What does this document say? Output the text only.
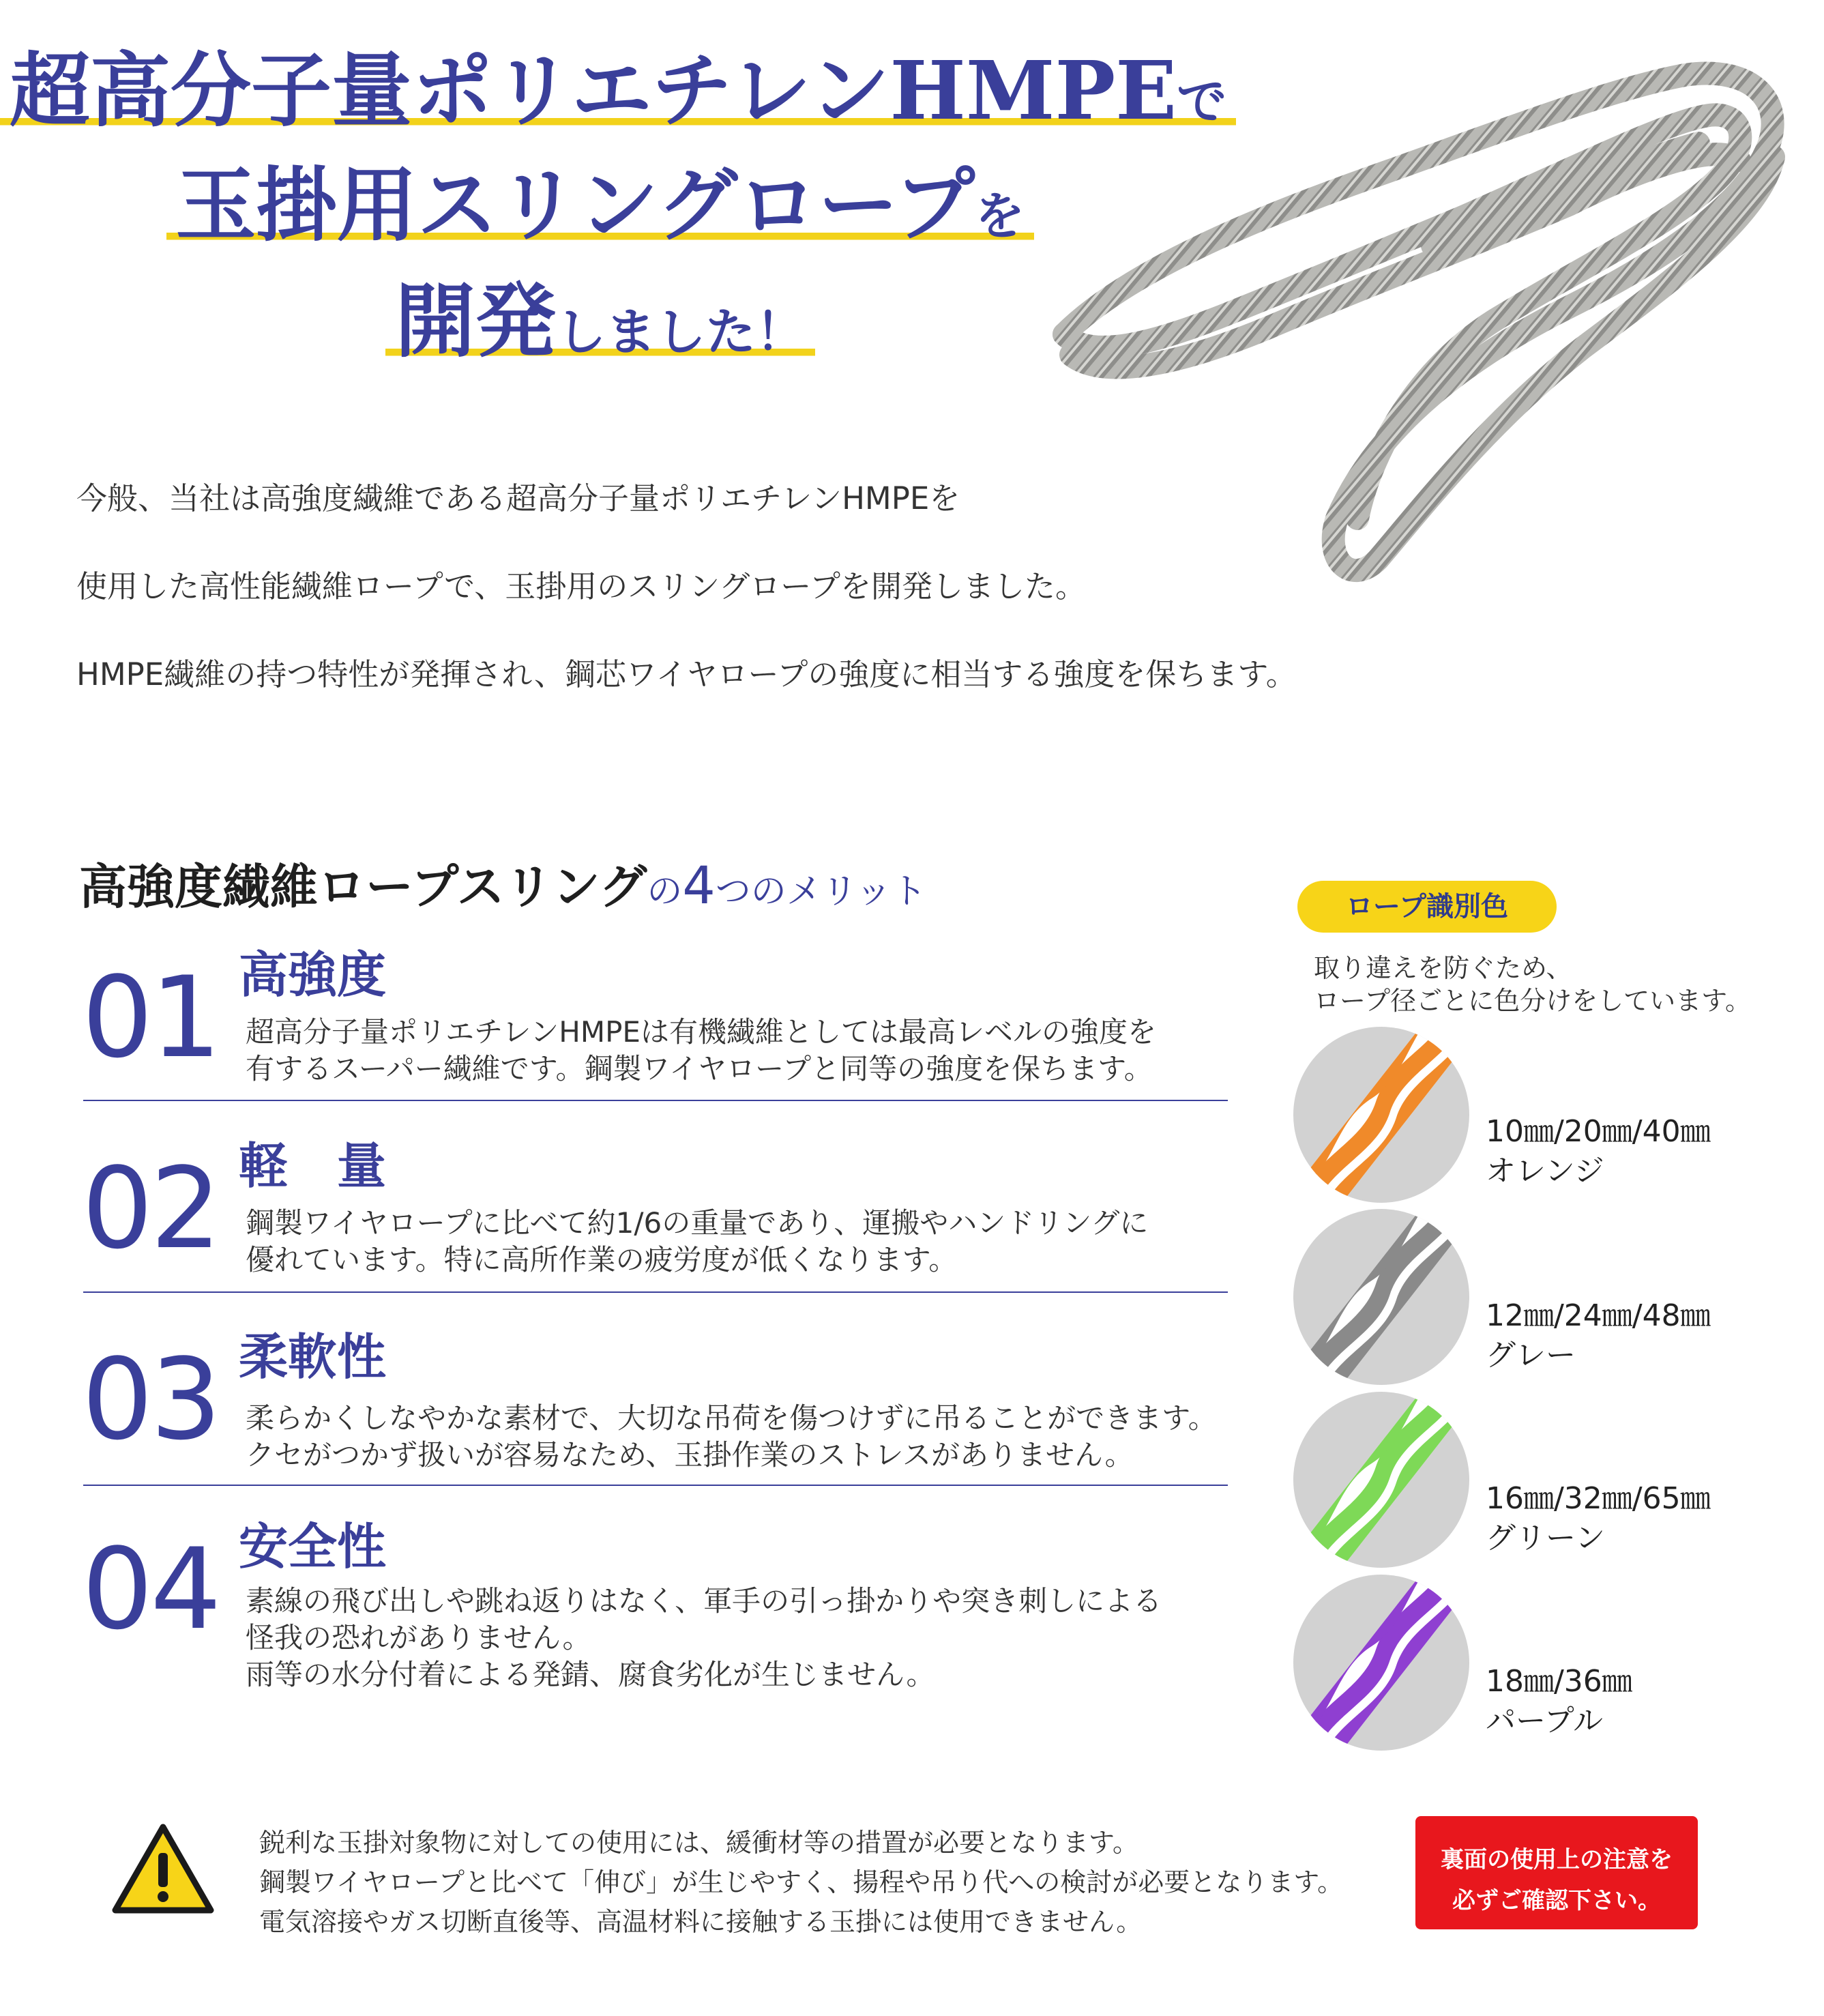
超高分子量ポリエチレンHMPEで
玉掛用スリングロープを
開発しました！
今般、当社は高強度繊維である超高分子量ポリエチレンHMPEを
使用した高性能繊維ロープで、玉掛用のスリングロープを開発しました。
HMPE繊維の持つ特性が発揮され、鋼芯ワイヤロープの強度に相当する強度を保ちます。
高強度繊維ロープスリングの4つのメリット
01 高強度
超高分子量ポリエチレンHMPEは有機繊維としては最高レベルの強度を
有するスーパー繊維です。鋼製ワイヤロープと同等の強度を保ちます。
02 軽　量
鋼製ワイヤロープに比べて約1/6の重量であり、運搬やハンドリングに
優れています。特に高所作業の疲労度が低くなります。
03 柔軟性
柔らかくしなやかな素材で、大切な吊荷を傷つけずに吊ることができます。
クセがつかず扱いが容易なため、玉掛作業のストレスがありません。
04 安全性
素線の飛び出しや跳ね返りはなく、軍手の引っ掛かりや突き刺しによる
怪我の恐れがありません。
雨等の水分付着による発錆、腐食劣化が生じません。
ロープ識別色
取り違えを防ぐため、
ロープ径ごとに色分けをしています。
10㎜/20㎜/40㎜
オレンジ
12㎜/24㎜/48㎜
グレー
16㎜/32㎜/65㎜
グリーン
18㎜/36㎜
パープル
鋭利な玉掛対象物に対しての使用には、緩衝材等の措置が必要となります。
鋼製ワイヤロープと比べて「伸び」が生じやすく、揚程や吊り代への検討が必要となります。
電気溶接やガス切断直後等、高温材料に接触する玉掛には使用できません。
裏面の使用上の注意を
必ずご確認下さい。
